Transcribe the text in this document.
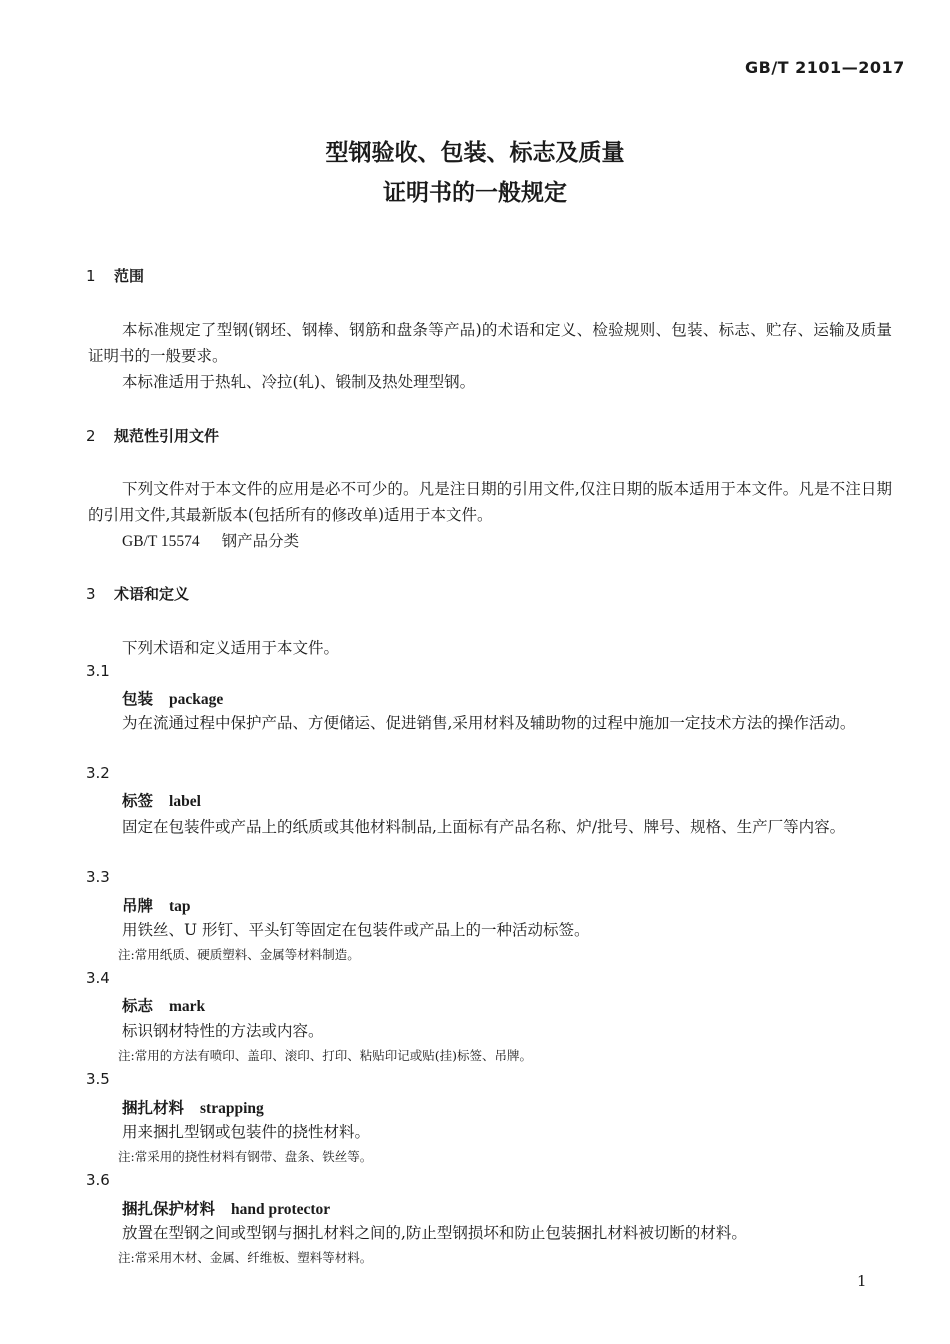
GB/T 2101—2017
型钢验收、包装、标志及质量
证明书的一般规定
1 范围
本标准规定了型钢(钢坯、钢棒、钢筋和盘条等产品)的术语和定义、检验规则、包装、标志、贮存、运输及质量证明书的一般要求。
本标准适用于热轧、冷拉(轧)、锻制及热处理型钢。
2 规范性引用文件
下列文件对于本文件的应用是必不可少的。凡是注日期的引用文件,仅注日期的版本适用于本文件。凡是不注日期的引用文件,其最新版本(包括所有的修改单)适用于本文件。
GB/T 15574 钢产品分类
3 术语和定义
下列术语和定义适用于本文件。
3.1
包装 package
为在流通过程中保护产品、方便储运、促进销售,采用材料及辅助物的过程中施加一定技术方法的操作活动。
3.2
标签 label
固定在包装件或产品上的纸质或其他材料制品,上面标有产品名称、炉/批号、牌号、规格、生产厂等内容。
3.3
吊牌 tap
用铁丝、U 形钉、平头钉等固定在包装件或产品上的一种活动标签。
注:常用纸质、硬质塑料、金属等材料制造。
3.4
标志 mark
标识钢材特性的方法或内容。
注:常用的方法有喷印、盖印、滚印、打印、粘贴印记或贴(挂)标签、吊牌。
3.5
捆扎材料 strapping
用来捆扎型钢或包装件的挠性材料。
注:常采用的挠性材料有钢带、盘条、铁丝等。
3.6
捆扎保护材料 hand protector
放置在型钢之间或型钢与捆扎材料之间的,防止型钢损坏和防止包装捆扎材料被切断的材料。
注:常采用木材、金属、纤维板、塑料等材料。
1
